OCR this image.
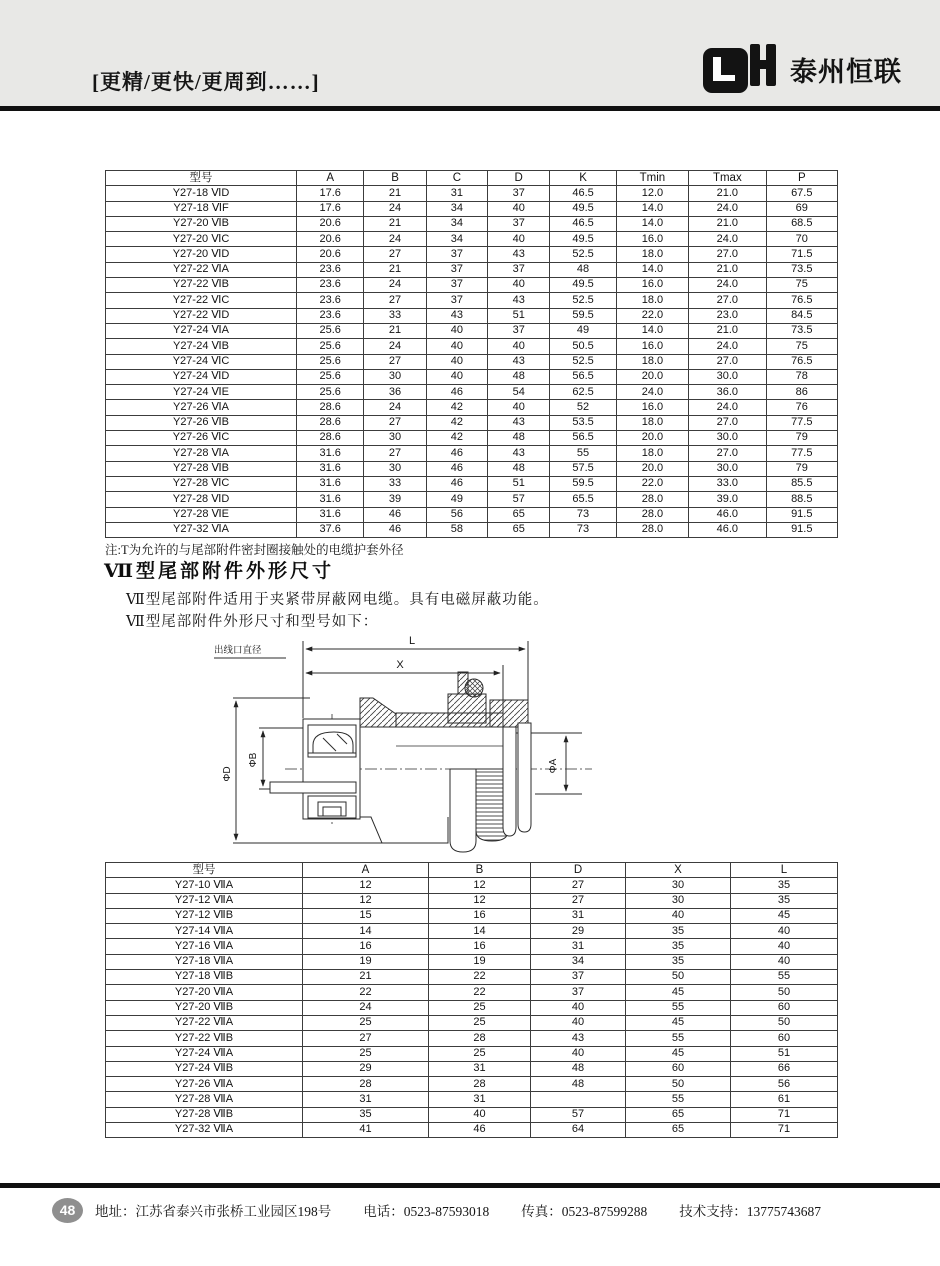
[更精/更快/更周到……]	泰州恒联
型号	A	B	C	D	K	Tmin	Tmax	P
Y27-18 ⅥD	17.6	21	31	37	46.5	12.0	21.0	67.5
Y27-18 ⅥF	17.6	24	34	40	49.5	14.0	24.0	69
Y27-20 ⅥB	20.6	21	34	37	46.5	14.0	21.0	68.5
Y27-20 ⅥC	20.6	24	34	40	49.5	16.0	24.0	70
Y27-20 ⅥD	20.6	27	37	43	52.5	18.0	27.0	71.5
Y27-22 ⅥA	23.6	21	37	37	48	14.0	21.0	73.5
Y27-22 ⅥB	23.6	24	37	40	49.5	16.0	24.0	75
Y27-22 ⅥC	23.6	27	37	43	52.5	18.0	27.0	76.5
Y27-22 ⅥD	23.6	33	43	51	59.5	22.0	23.0	84.5
Y27-24 ⅥA	25.6	21	40	37	49	14.0	21.0	73.5
Y27-24 ⅥB	25.6	24	40	40	50.5	16.0	24.0	75
Y27-24 ⅥC	25.6	27	40	43	52.5	18.0	27.0	76.5
Y27-24 ⅥD	25.6	30	40	48	56.5	20.0	30.0	78
Y27-24 ⅥE	25.6	36	46	54	62.5	24.0	36.0	86
Y27-26 ⅥA	28.6	24	42	40	52	16.0	24.0	76
Y27-26 ⅥB	28.6	27	42	43	53.5	18.0	27.0	77.5
Y27-26 ⅥC	28.6	30	42	48	56.5	20.0	30.0	79
Y27-28 ⅥA	31.6	27	46	43	55	18.0	27.0	77.5
Y27-28 ⅥB	31.6	30	46	48	57.5	20.0	30.0	79
Y27-28 ⅥC	31.6	33	46	51	59.5	22.0	33.0	85.5
Y27-28 ⅥD	31.6	39	49	57	65.5	28.0	39.0	88.5
Y27-28 ⅥE	31.6	46	56	65	73	28.0	46.0	91.5
Y27-32 ⅥA	37.6	46	58	65	73	28.0	46.0	91.5
注:T为允许的与尾部附件密封圈接触处的电缆护套外径
Ⅶ型尾部附件外形尺寸
Ⅶ型尾部附件适用于夹紧带屏蔽网电缆。具有电磁屏蔽功能。
Ⅶ型尾部附件外形尺寸和型号如下：
L
X
出线口直径
ΦD
ΦB	ΦA
型号	A	B	D	X	L
Y27-10 ⅦA	12	12	27	30	35
Y27-12 ⅦA	12	12	27	30	35
Y27-12 ⅦB	15	16	31	40	45
Y27-14 ⅦA	14	14	29	35	40
Y27-16 ⅦA	16	16	31	35	40
Y27-18 ⅦA	19	19	34	35	40
Y27-18 ⅦB	21	22	37	50	55
Y27-20 ⅦA	22	22	37	45	50
Y27-20 ⅦB	24	25	40	55	60
Y27-22 ⅦA	25	25	40	45	50
Y27-22 ⅦB	27	28	43	55	60
Y27-24 ⅦA	25	25	40	45	51
Y27-24 ⅦB	29	31	48	60	66
Y27-26 ⅦA	28	28	48	50	56
Y27-28 ⅦA	31	31		55	61
Y27-28 ⅦB	35	40	57	65	71
Y27-32 ⅦA	41	46	64	65	71
48	地址：江苏省泰兴市张桥工业园区198号 电话：0523-87593018 传真：0523-87599288 技术支持：13775743687
